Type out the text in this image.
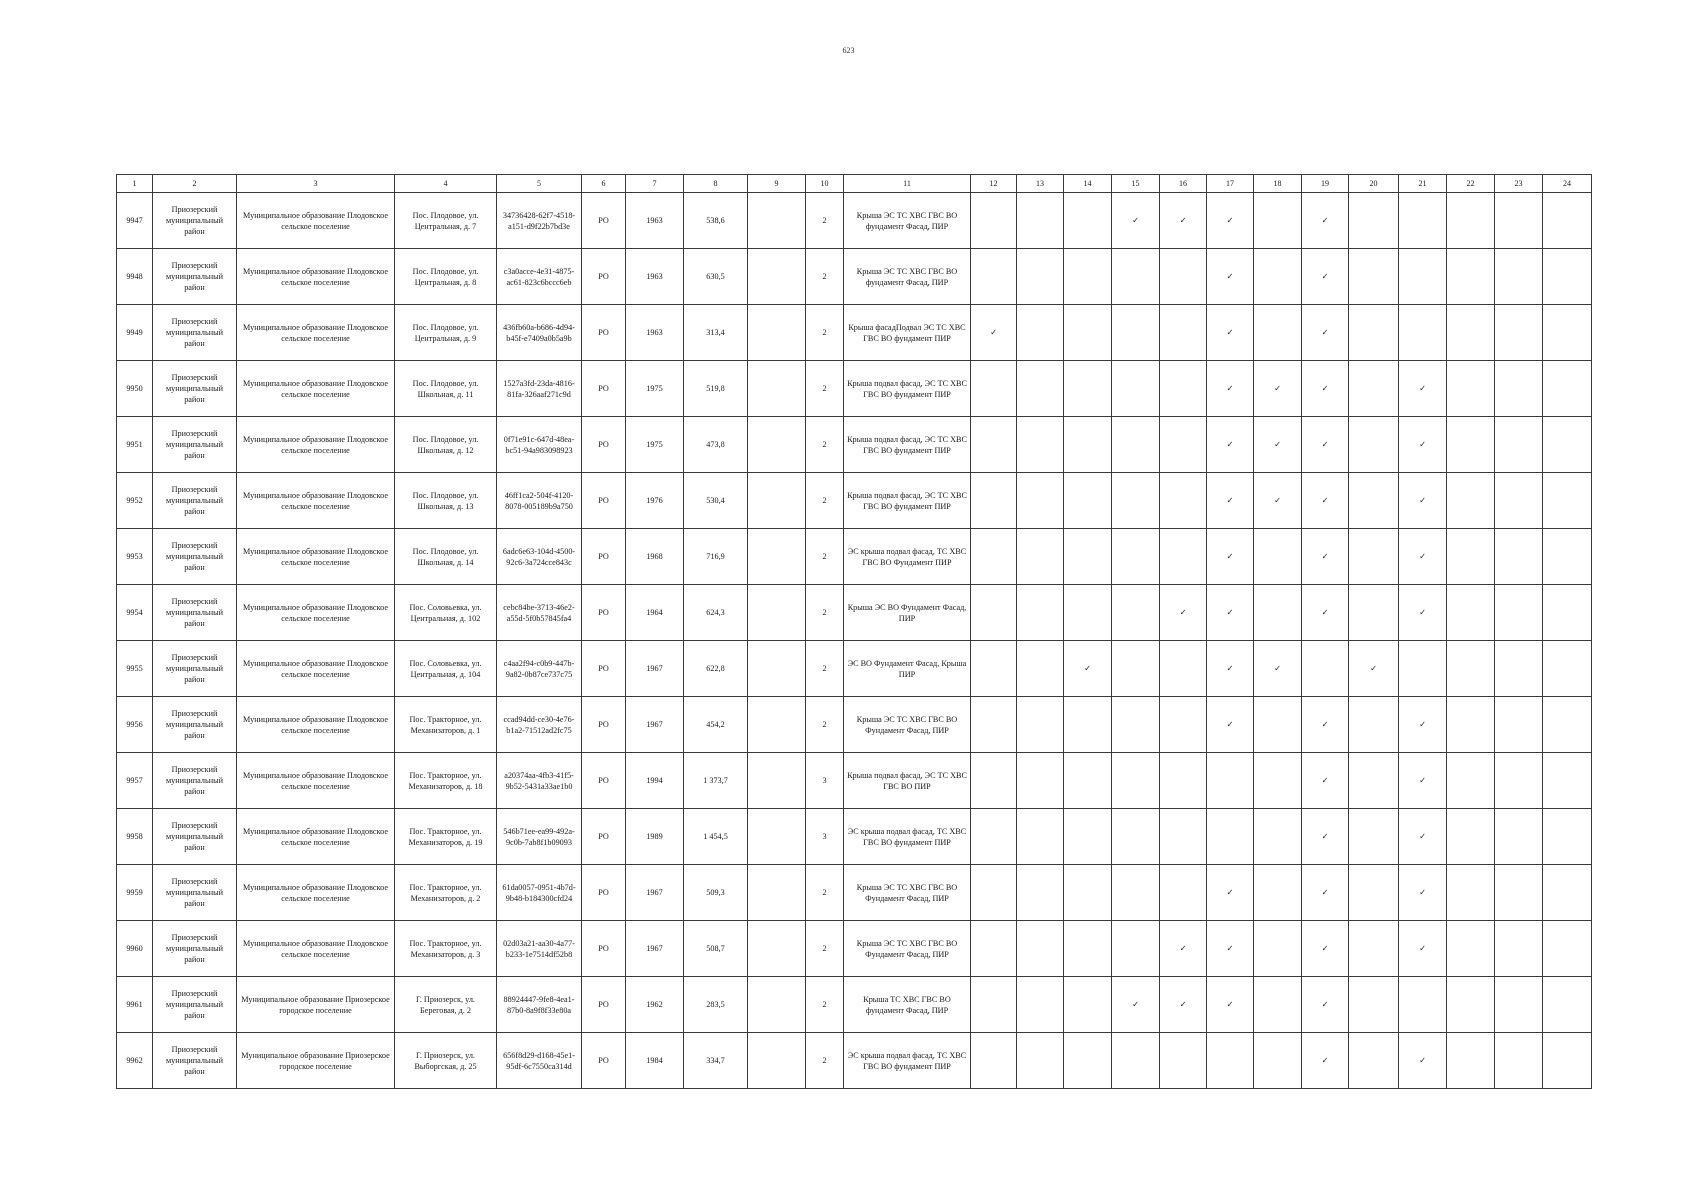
623
1	2	3	4	5	6	7	8	9	10	11	12	13	14	15	16	17	18	19	20	21	22	23	24
9947	Приозерский муниципальный район	Муниципальное образование Плодовское сельское поселение	Пос. Плодовое, ул. Центральная, д. 7	34736428-62f7-4518-a151-d9f22b7bd3e	РО	1963	538,6		2	Крыша ЭС ТС ХВС ГВС ВО фундамент Фасад, ПИР				✓	✓	✓		✓					
9948	Приозерский муниципальный район	Муниципальное образование Плодовское сельское поселение	Пос. Плодовое, ул. Центральная, д. 8	c3a0acce-4e31-4875-ac61-823c6bccc6eb	РО	1963	630,5		2	Крыша ЭС ТС ХВС ГВС ВО фундамент Фасад, ПИР						✓		✓					
9949	Приозерский муниципальный район	Муниципальное образование Плодовское сельское поселение	Пос. Плодовое, ул. Центральная, д. 9	436fb60a-b686-4d94-b45f-e7409a0b5a9b	РО	1963	313,4		2	Крыша фасадПодвал ЭС ТС ХВС ГВС ВО фундамент ПИР	✓					✓		✓					
9950	Приозерский муниципальный район	Муниципальное образование Плодовское сельское поселение	Пос. Плодовое, ул. Школьная, д. 11	1527a3fd-23da-4816-81fa-326aaf271c9d	РО	1975	519,8		2	Крыша подвал фасад, ЭС ТС ХВС ГВС ВО фундамент ПИР						✓	✓	✓		✓			
9951	Приозерский муниципальный район	Муниципальное образование Плодовское сельское поселение	Пос. Плодовое, ул. Школьная, д. 12	0f71e91c-647d-48ea-bc51-94a983098923	РО	1975	473,8		2	Крыша подвал фасад, ЭС ТС ХВС ГВС ВО фундамент ПИР						✓	✓	✓		✓			
9952	Приозерский муниципальный район	Муниципальное образование Плодовское сельское поселение	Пос. Плодовое, ул. Школьная, д. 13	46ff1ca2-504f-4120-8078-005189b9a750	РО	1976	530,4		2	Крыша подвал фасад, ЭС ТС ХВС ГВС ВО фундамент ПИР						✓	✓	✓		✓			
9953	Приозерский муниципальный район	Муниципальное образование Плодовское сельское поселение	Пос. Плодовое, ул. Школьная, д. 14	6adc6e63-104d-4500-92c6-3a724cce843c	РО	1968	716,9		2	ЭС крыша подвал фасад, ТС ХВС ГВС ВО Фундамент ПИР						✓		✓		✓			
9954	Приозерский муниципальный район	Муниципальное образование Плодовское сельское поселение	Пос. Соловьевка, ул. Центральная, д. 102	cebc84be-3713-46e2-a55d-5f0b57845fa4	РО	1964	624,3		2	Крыша ЭС ВО Фундамент Фасад, ПИР					✓	✓		✓		✓			
9955	Приозерский муниципальный район	Муниципальное образование Плодовское сельское поселение	Пос. Соловьевка, ул. Центральная, д. 104	c4aa2f94-c0b9-447b-9a82-0b87ce737c75	РО	1967	622,8		2	ЭС ВО Фундамент Фасад, Крыша ПИР			✓			✓	✓		✓				
9956	Приозерский муниципальный район	Муниципальное образование Плодовское сельское поселение	Пос. Тракторное, ул. Механизаторов, д. 1	ccad94dd-ce30-4e76-b1a2-71512ad2fc75	РО	1967	454,2		2	Крыша ЭС ТС ХВС ГВС ВО Фундамент Фасад, ПИР						✓		✓		✓			
9957	Приозерский муниципальный район	Муниципальное образование Плодовское сельское поселение	Пос. Тракторное, ул. Механизаторов, д. 18	a20374aa-4fb3-41f5-9b52-5431a33ae1b0	РО	1994	1 373,7		3	Крыша подвал фасад, ЭС ТС ХВС ГВС ВО ПИР								✓		✓			
9958	Приозерский муниципальный район	Муниципальное образование Плодовское сельское поселение	Пос. Тракторное, ул. Механизаторов, д. 19	546b71ee-ea99-492a-9c0b-7ab8f1b09093	РО	1989	1 454,5		3	ЭС крыша подвал фасад, ТС ХВС ГВС ВО фундамент ПИР								✓		✓			
9959	Приозерский муниципальный район	Муниципальное образование Плодовское сельское поселение	Пос. Тракторное, ул. Механизаторов, д. 2	61da0057-0951-4b7d-9b48-b184300cfd24	РО	1967	509,3		2	Крыша ЭС ТС ХВС ГВС ВО Фундамент Фасад, ПИР						✓		✓		✓			
9960	Приозерский муниципальный район	Муниципальное образование Плодовское сельское поселение	Пос. Тракторное, ул. Механизаторов, д. 3	02d03a21-aa30-4a77-b233-1e7514df52b8	РО	1967	508,7		2	Крыша ЭС ТС ХВС ГВС ВО Фундамент Фасад, ПИР					✓	✓		✓		✓			
9961	Приозерский муниципальный район	Муниципальное образование Приозерское городское поселение	Г. Приозерск, ул. Береговая, д. 2	88924447-9fe8-4ea1-87b0-8a9f8f33e80a	РО	1962	283,5		2	Крыша ТС ХВС ГВС ВО фундамент Фасад, ПИР				✓	✓	✓		✓					
9962	Приозерский муниципальный район	Муниципальное образование Приозерское городское поселение	Г. Приозерск, ул. Выборгская, д. 25	656f8d29-d168-45e1-95df-6c7550ca314d	РО	1984	334,7		2	ЭС крыша подвал фасад, ТС ХВС ГВС ВО фундамент ПИР								✓		✓			
